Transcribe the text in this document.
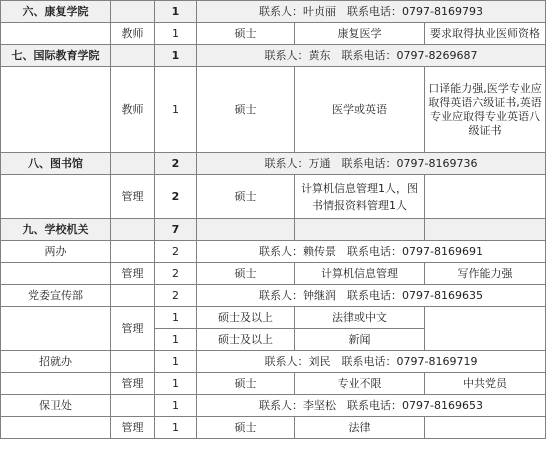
六、康复学院		1	联系人：叶贞丽　联系电话：0797-8169793		
	教师	1	硕士	康复医学	要求取得执业医师资格
七、国际教育学院		1	联系人：黄东　联系电话：0797-8269687		
	教师	1	硕士	医学或英语	口译能力强,医学专业应取得英语六级证书,英语专业应取得专业英语八级证书
八、图书馆		2	联系人：万通　联系电话：0797-8169736		
	管理	2	硕士	计算机信息管理1人，图书情报资料管理1人	
九、学校机关		7			
两办		2	联系人：赖传景　联系电话：0797-8169691		
	管理	2	硕士	计算机信息管理	写作能力强
党委宣传部		2	联系人：钟继润　联系电话：0797-8169635		
	管理	1	硕士及以上	法律或中文	
		1	硕士及以上	新闻	
招就办		1	联系人：刘民　联系电话：0797-8169719		
	管理	1	硕士	专业不限	中共党员
保卫处		1	联系人：李坚松　联系电话：0797-8169653		
	管理	1	硕士	法律	
